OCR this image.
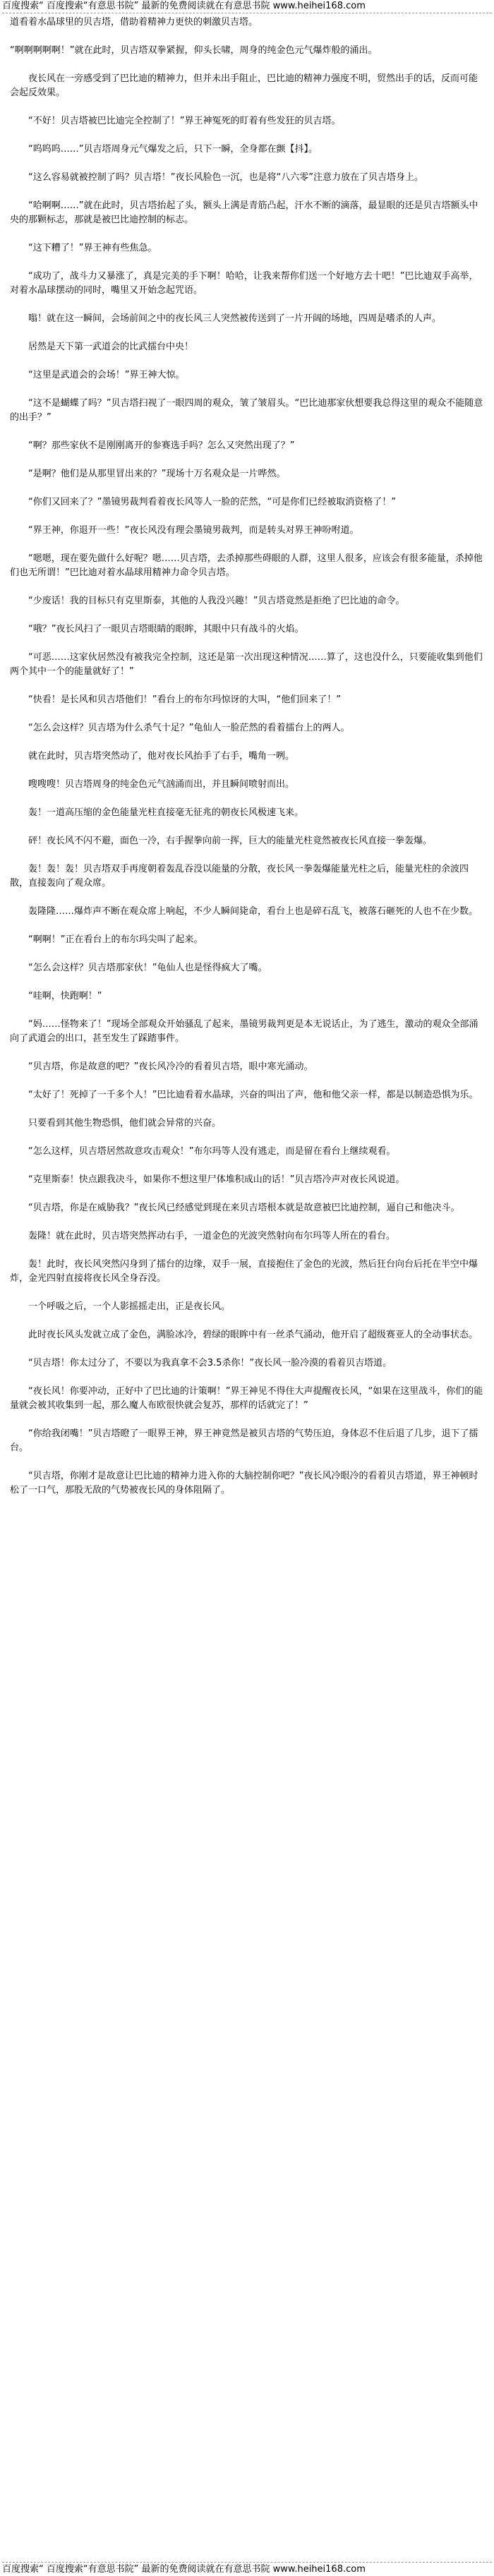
百度搜索“ 百度搜索“有意思书院” 最新的免费阅读就在有意思书院 www.heihei168.com

道看着水晶球里的贝吉塔，借助着精神力更快的刺激贝吉塔。

“啊啊啊啊啊！”就在此时，贝吉塔双拳紧握，仰头长啸，周身的纯金色元气爆炸般的涌出。

　　夜长风在一旁感受到了巴比迪的精神力，但并未出手阻止，巴比迪的精神力强度不明，贸然出手的话，反而可能会起反效果。

　　“不好！贝吉塔被巴比迪完全控制了！”界王神冤死的盯着有些发狂的贝吉塔。

　　“呜呜呜……”贝吉塔周身元气爆发之后，只下一瞬，全身都在颤【抖】。

　　“这么容易就被控制了吗？贝吉塔！”夜长风脸色一沉，也是将“八六零”注意力放在了贝吉塔身上。

　　“哈啊啊……”就在此时，贝吉塔抬起了头，额头上满是青筋凸起，汗水不断的滴落，最显眼的还是贝吉塔额头中央的那颗标志，那就是被巴比迪控制的标志。

　　“这下糟了！”界王神有些焦急。

　　“成功了，战斗力又暴涨了，真是完美的手下啊！哈哈，让我来帮你们送一个好地方去十吧！”巴比迪双手高举，对着水晶球摆动的同时，嘴里又开始念起咒语。

　　嗡！就在这一瞬间，会场前间之中的夜长风三人突然被传送到了一片开阔的场地，四周是嗜杀的人声。

　　居然是天下第一武道会的比武擂台中央！

　　“这里是武道会的会场！”界王神大惊。

　　“这不是蝴蝶了吗？”贝吉塔扫视了一眼四周的观众，皱了皱眉头。“巴比迪那家伙想要我总得这里的观众不能随意的出手？”

　　“啊？那些家伙不是刚刚离开的参赛选手吗？怎么又突然出现了？”

　　“是啊？他们是从那里冒出来的？”现场十万名观众是一片哗然。

　　“你们又回来了？”墨镜男裁判看着夜长风等人一脸的茫然，“可是你们已经被取消资格了！”

　　“界王神，你退开一些！”夜长风没有理会墨镜男裁判，而是转头对界王神吩咐道。

　　“嗯嗯，现在要先做什么好呢？嗯……贝吉塔，去杀掉那些碍眼的人群，这里人很多，应该会有很多能量，杀掉他们也无所谓！”巴比迪对着水晶球用精神力命令贝吉塔。

　　“少废话！我的目标只有克里斯泰，其他的人我没兴趣！”贝吉塔竟然是拒绝了巴比迪的命令。

　　“哦？”夜长风扫了一眼贝吉塔眼睛的眼眸，其眼中只有战斗的火焰。

　　“可恶……这家伙居然没有被我完全控制，这还是第一次出现这种情况……算了，这也没什么，只要能收集到他们两个其中一个的能量就好了！”

　　“快看！是长风和贝吉塔他们！”看台上的布尔玛惊讶的大叫，“他们回来了！”

　　“怎么会这样？贝吉塔为什么杀气十足？”龟仙人一脸茫然的看着擂台上的两人。

　　就在此时，贝吉塔突然动了，他对夜长风抬手了右手，嘴角一咧。

　　嗖嗖嗖！贝吉塔周身的纯金色元气汹涌而出，并且瞬间喷射而出。

　　轰！一道高压缩的金色能量光柱直接毫无征兆的朝夜长风极速飞来。

　　砰！夜长风不闪不避，面色一冷，右手握拳向前一挥，巨大的能量光柱竟然被夜长风直接一拳轰爆。

　　轰！轰！轰！贝吉塔双手再度朝着轰乱吞没以能量的分散，夜长风一拳轰爆能量光柱之后，能量光柱的余波四散，直接轰向了观众席。

　　轰隆隆……爆炸声不断在观众席上响起，不少人瞬间毙命，看台上也是碎石乱飞，被落石砸死的人也不在少数。

　　“啊啊！”正在看台上的布尔玛尖叫了起来。

　　“怎么会这样？贝吉塔那家伙！”龟仙人也是怪得疯大了嘴。

　　“哇啊，快跑啊！”

　　“妈……怪物来了！”现场全部观众开始骚乱了起来，墨镜男裁判更是本无说话止，为了逃生，激动的观众全部涌向了武道会的出口，甚至发生了踩踏事件。

　　“贝吉塔，你是故意的吧？”夜长风冷冷的看着贝吉塔，眼中寒光涌动。

　　“太好了！死掉了一千多个人！”巴比迪看着水晶球，兴奋的叫出了声，他和他父亲一样，都是以制造恐惧为乐。

　　只要看到其他生物恐惧，他们就会异常的兴奋。

　　“怎么这样，贝吉塔居然故意攻击观众！”布尔玛等人没有逃走，而是留在看台上继续观看。

　　“克里斯泰！快点跟我决斗，如果你不想这里尸体堆积成山的话！”贝吉塔冷声对夜长风说道。

　　“贝吉塔，你是在威胁我？”夜长风已经感觉到现在来贝吉塔根本就是故意被巴比迪控制，逼自己和他决斗。

　　轰隆！就在此时，贝吉塔突然挥动右手，一道金色的光波突然射向布尔玛等人所在的看台。

　　轰！此时，夜长风突然闪身到了擂台的边缘，双手一展，直接抱住了金色的光波，然后狂台向台后托在半空中爆炸，金光四射直接将夜长风全身吞没。

　　一个呼吸之后，一个人影摇摇走出，正是夜长风。

　　此时夜长风头发就立成了金色，满脸冰冷，碧绿的眼眸中有一丝杀气涌动，他开启了超级赛亚人的全动事状态。

　　“贝吉塔！你太过分了，不要以为我真拿不会3.5杀你！”夜长风一脸冷漠的看着贝吉塔道。

　　“夜长风！你要冲动，正好中了巴比迪的计策啊！”界王神见不得住大声提醒夜长风，“如果在这里战斗，你们的能量就会被其收集到一起，那么魔人布欧很快就会复苏，那样的话就完了！”

　　“你给我闭嘴！”贝吉塔瞪了一眼界王神，界王神竟然是被贝吉塔的气势压迫，身体忍不住后退了几步，退下了擂台。

　　“贝吉塔，你刚才是故意让巴比迪的精神力进入你的大脑控制你吧？”夜长风冷眼冷的看着贝吉塔道，界王神顿时松了一口气，那股无敌的气势被夜长风的身体阻隔了。

百度搜索“ 百度搜索“有意思书院” 最新的免费阅读就在有意思书院 www.heihei168.com
